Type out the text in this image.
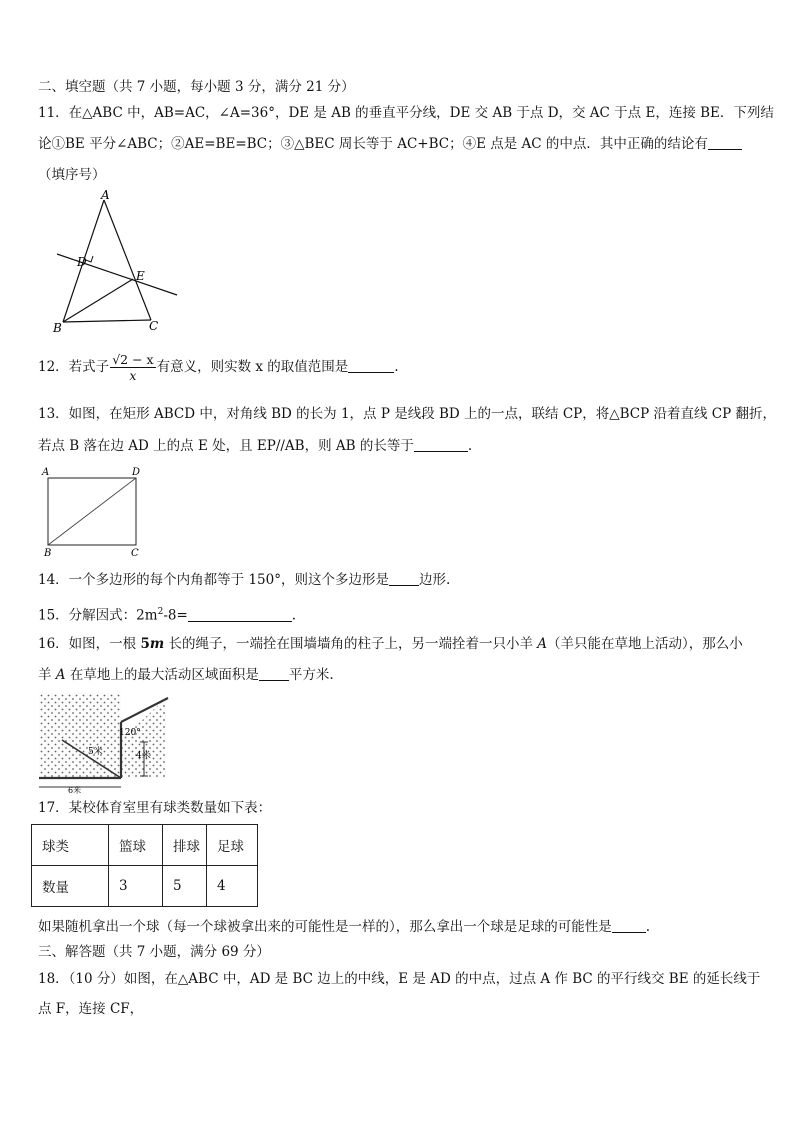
二、填空题（共 7 小题，每小题 3 分，满分 21 分）
11．在△ABC 中，AB=AC，∠A=36°，DE 是 AB 的垂直平分线，DE 交 AB 于点 D，交 AC 于点 E，连接 BE．下列结
论①BE 平分∠ABC；②AE=BE=BC；③△BEC 周长等于 AC+BC；④E 点是 AC 的中点．其中正确的结论有
（填序号）
A
D
E
B	C
12．若式子 $\frac{√2 - x}{x}$ 有意义，则实数 x 的取值范围是	.
13．如图，在矩形 ABCD 中，对角线 BD 的长为 1，点 P 是线段 BD 上的一点，联结 CP，将△BCP 沿着直线 CP 翻折，
若点 B 落在边 AD 上的点 E 处，且 EP//AB，则 AB 的长等于	.
A	D
B	C
14．一个多边形的每个内角都等于 150°，则这个多边形是 边形.
15．分解因式：$2m^2-8=$	.
16．如图，一根 5m 长的绳子，一端拴在围墙墙角的柱子上，另一端拴着一只小羊 A（羊只能在草地上活动），那么小
羊 A 在草地上的最大活动区域面积是 平方米.
120°
5米	4米
6米
17．某校体育室里有球类数量如下表：
球类	篮球	排球	足球
数量	3	5	4
如果随机拿出一个球（每一个球被拿出来的可能性是一样的），那么拿出一个球是足球的可能性是	.
三、解答题（共 7 小题，满分 69 分）
18．（10 分）如图，在△ABC 中，AD 是 BC 边上的中线，E 是 AD 的中点，过点 A 作 BC 的平行线交 BE 的延长线于
点 F，连接 CF，
